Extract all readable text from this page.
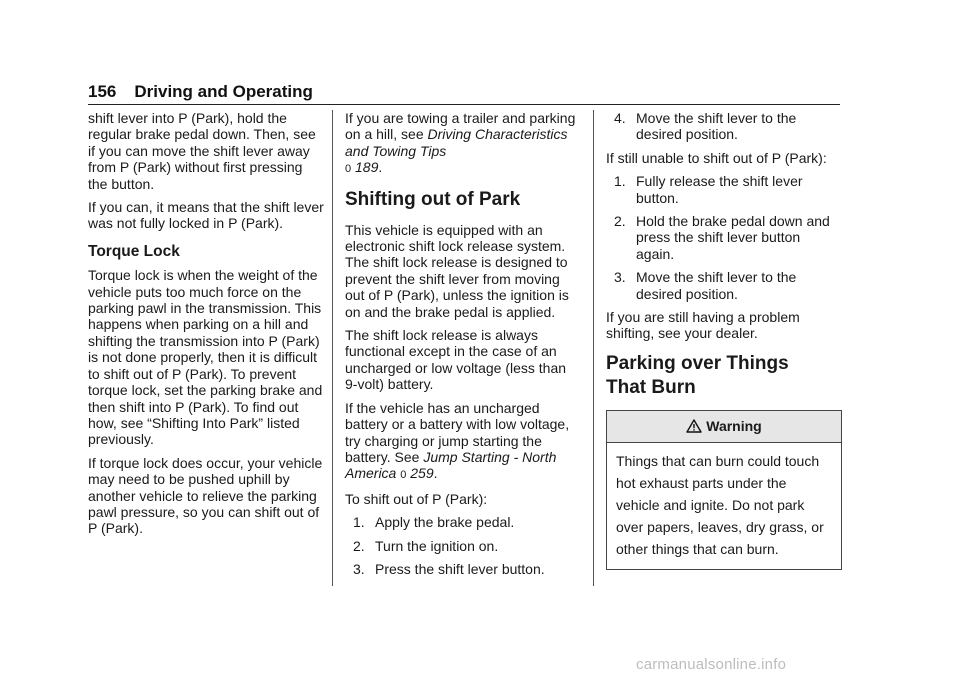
156 Driving and Operating

shift lever into P (Park), hold the regular brake pedal down. Then, see if you can move the shift lever away from P (Park) without first pressing the button.

If you can, it means that the shift lever was not fully locked in P (Park).

Torque Lock

Torque lock is when the weight of the vehicle puts too much force on the parking pawl in the transmission. This happens when parking on a hill and shifting the transmission into P (Park) is not done properly, then it is difficult to shift out of P (Park). To prevent torque lock, set the parking brake and then shift into P (Park). To find out how, see “Shifting Into Park” listed previously.

If torque lock does occur, your vehicle may need to be pushed uphill by another vehicle to relieve the parking pawl pressure, so you can shift out of P (Park).

If you are towing a trailer and parking on a hill, see Driving Characteristics and Towing Tips
0 189.

Shifting out of Park

This vehicle is equipped with an electronic shift lock release system. The shift lock release is designed to prevent the shift lever from moving out of P (Park), unless the ignition is on and the brake pedal is applied.

The shift lock release is always functional except in the case of an uncharged or low voltage (less than 9-volt) battery.

If the vehicle has an uncharged battery or a battery with low voltage, try charging or jump starting the battery. See Jump Starting - North America 0 259.

To shift out of P (Park):

1. Apply the brake pedal.
2. Turn the ignition on.
3. Press the shift lever button.
4. Move the shift lever to the desired position.

If still unable to shift out of P (Park):

1. Fully release the shift lever button.
2. Hold the brake pedal down and press the shift lever button again.
3. Move the shift lever to the desired position.

If you are still having a problem shifting, see your dealer.

Parking over Things
That Burn
Warning
Things that can burn could touch hot exhaust parts under the vehicle and ignite. Do not park over papers, leaves, dry grass, or other things that can burn.
carmanualsonline.info
